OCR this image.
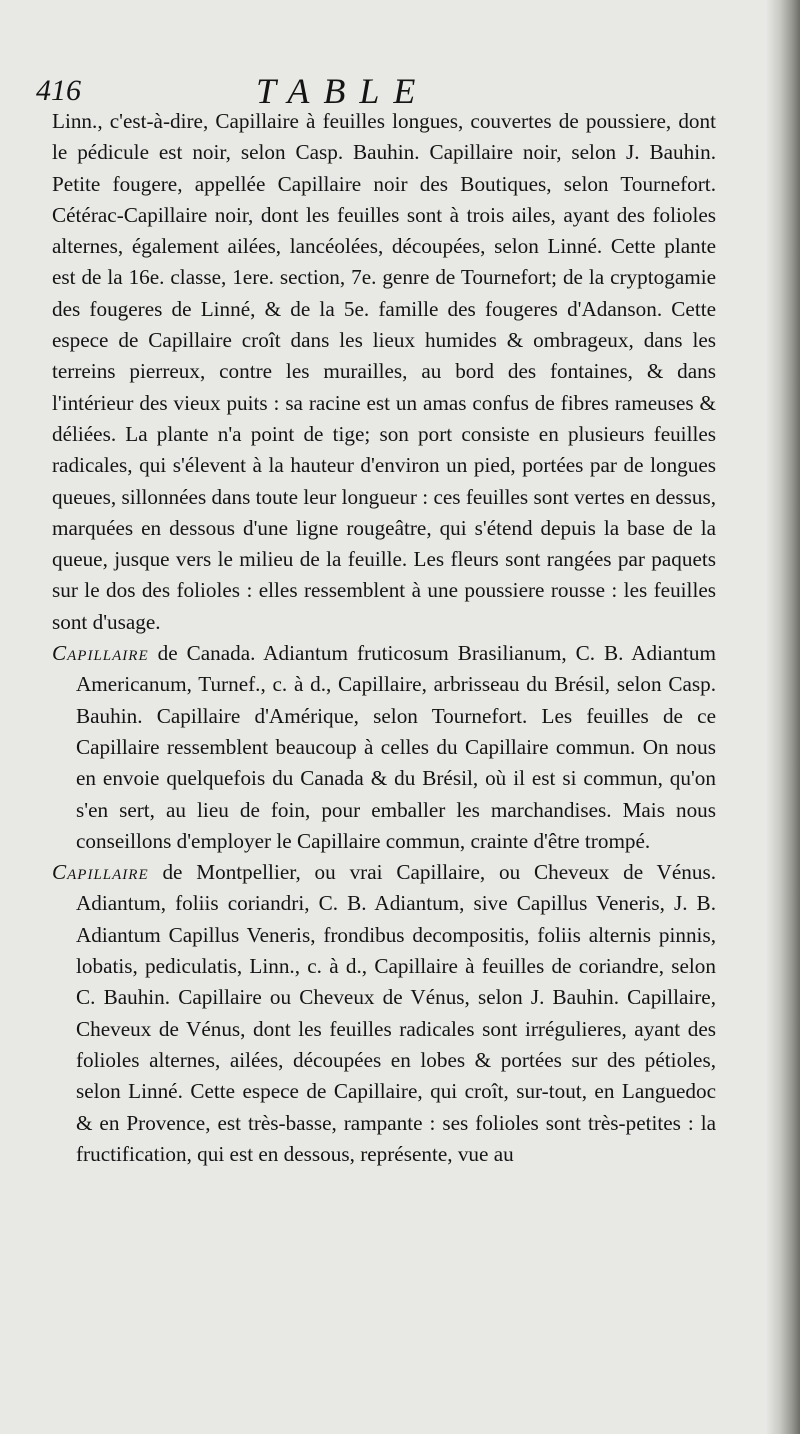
416	TABLE

Linn., c'est-à-dire, Capillaire à feuilles longues, couvertes de poussiere, dont le pédicule est noir, selon Casp. Bauhin. Capillaire noir, selon J. Bauhin. Petite fougere, appellée Capillaire noir des Boutiques, selon Tournefort. Cétérac-Capillaire noir, dont les feuilles sont à trois ailes, ayant des folioles alternes, également ailées, lancéolées, découpées, selon Linné. Cette plante est de la 16e. classe, 1ere. section, 7e. genre de Tournefort; de la cryptogamie des fougeres de Linné, & de la 5e. famille des fougeres d'Adanson. Cette espece de Capillaire croît dans les lieux humides & ombrageux, dans les terreins pierreux, contre les murailles, au bord des fontaines, & dans l'intérieur des vieux puits : sa racine est un amas confus de fibres rameuses & déliées. La plante n'a point de tige; son port consiste en plusieurs feuilles radicales, qui s'élevent à la hauteur d'environ un pied, portées par de longues queues, sillonnées dans toute leur longueur : ces feuilles sont vertes en dessus, marquées en dessous d'une ligne rougeâtre, qui s'étend depuis la base de la queue, jusque vers le milieu de la feuille. Les fleurs sont rangées par paquets sur le dos des folioles : elles ressemblent à une poussiere rousse : les feuilles sont d'usage.

Capillaire de Canada. Adiantum fruticosum Brasilianum, C. B. Adiantum Americanum, Turnef., c. à d., Capillaire, arbrisseau du Brésil, selon Casp. Bauhin. Capillaire d'Amérique, selon Tournefort. Les feuilles de ce Capillaire ressemblent beaucoup à celles du Capillaire commun. On nous en envoie quelquefois du Canada & du Brésil, où il est si commun, qu'on s'en sert, au lieu de foin, pour emballer les marchandises. Mais nous conseillons d'employer le Capillaire commun, crainte d'être trompé.

Capillaire de Montpellier, ou vrai Capillaire, ou Cheveux de Vénus. Adiantum, foliis coriandri, C. B. Adiantum, sive Capillus Veneris, J. B. Adiantum Capillus Veneris, frondibus decompositis, foliis alternis pinnis, lobatis, pediculatis, Linn., c. à d., Capillaire à feuilles de coriandre, selon C. Bauhin. Capillaire ou Cheveux de Vénus, selon J. Bauhin. Capillaire, Cheveux de Vénus, dont les feuilles radicales sont irrégulieres, ayant des folioles alternes, ailées, découpées en lobes & portées sur des pétioles, selon Linné. Cette espece de Capillaire, qui croît, sur-tout, en Languedoc & en Provence, est très-basse, rampante : ses folioles sont très-petites : la fructification, qui est en dessous, représente, vue au
